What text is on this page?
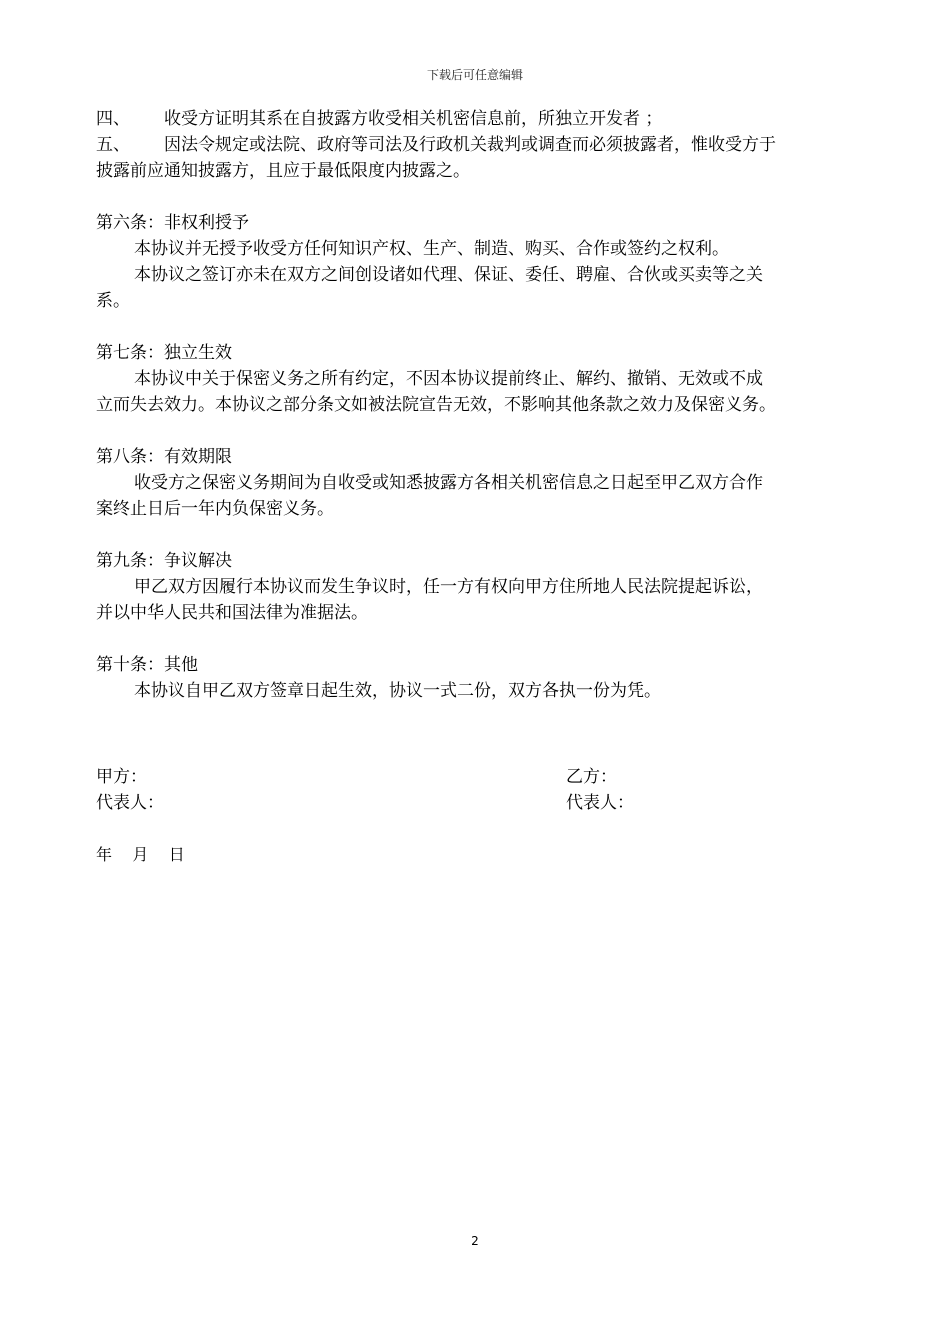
下载后可任意编辑
四、	收受方证明其系在自披露方收受相关机密信息前，所独立开发者 ；
五、	因法令规定或法院、政府等司法及行政机关裁判或调查而必须披露者，惟收受方于
披露前应通知披露方，且应于最低限度内披露之。
第六条：非权利授予
本协议并无授予收受方任何知识产权、生产、制造、购买、合作或签约之权利。
本协议之签订亦未在双方之间创设诸如代理、保证、委任、聘雇、合伙或买卖等之关
系。
第七条：独立生效
本协议中关于保密义务之所有约定，不因本协议提前终止、解约、撤销、无效或不成
立而失去效力。本协议之部分条文如被法院宣告无效，不影响其他条款之效力及保密义务。
第八条：有效期限
收受方之保密义务期间为自收受或知悉披露方各相关机密信息之日起至甲乙双方合作
案终止日后一年内负保密义务。
第九条：争议解决
甲乙双方因履行本协议而发生争议时，任一方有权向甲方住所地人民法院提起诉讼，
并以中华人民共和国法律为准据法。
第十条：其他
本协议自甲乙双方签章日起生效，协议一式二份，双方各执一份为凭。
甲方：	乙方：
代表人：	代表人：
年    月    日
2
